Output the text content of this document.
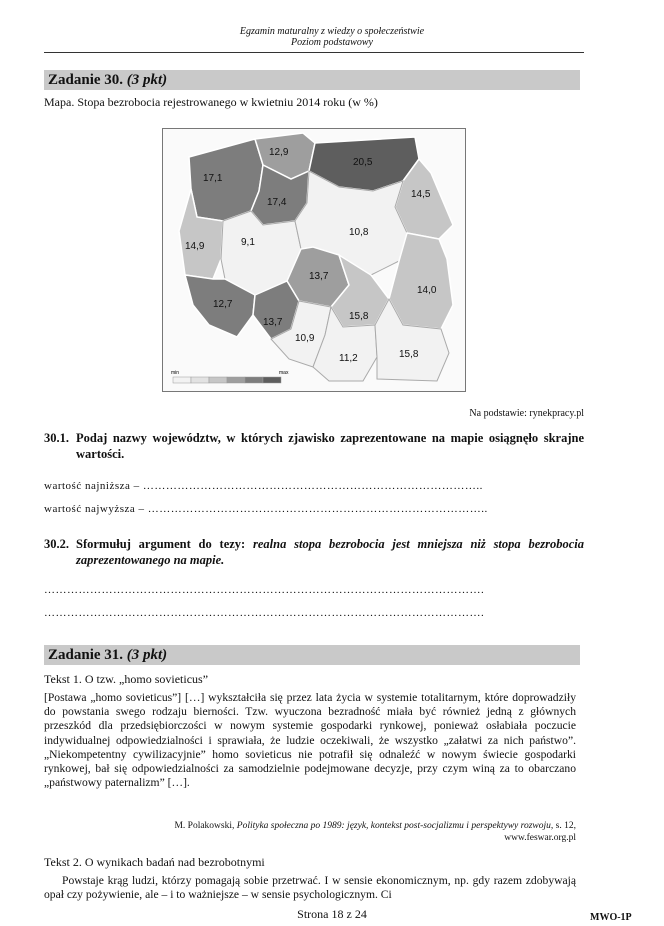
Egzamin maturalny z wiedzy o społeczeństwie
Poziom podstawowy
Zadanie 30. (3 pkt)
Mapa. Stopa bezrobocia rejestrowanego w kwietniu 2014 roku (w %)
17,1
12,9
20,5
14,5
17,4
14,9	9,1
10,8
13,7
14,0
12,7
13,7
15,8
10,9
11,2	15,8
min	max
Na podstawie: rynekpracy.pl
30.1. Podaj nazwy województw, w których zjawisko zaprezentowane na mapie osiągnęło skrajne wartości.
wartość najniższa – ……………………………………………………………………………..
wartość najwyższa – ……………………………………………………………………………..
30.2. Sformułuj argument do tezy: realna stopa bezrobocia jest mniejsza niż stopa bezrobocia zaprezentowanego na mapie.
…………………………………………………………………………………………………….
…………………………………………………………………………………………………….
Zadanie 31. (3 pkt)
Tekst 1. O tzw. „homo sovieticus”
[Postawa „homo sovieticus”] […] wykształciła się przez lata życia w systemie totalitarnym, które doprowadziły do powstania swego rodzaju bierności. Tzw. wyuczona bezradność miała być również jedną z głównych przeszkód dla przedsiębiorczości w nowym systemie gospodarki rynkowej, ponieważ osłabiała poczucie indywidualnej odpowiedzialności i sprawiała, że ludzie oczekiwali, że wszystko „załatwi za nich państwo”. „Niekompetentny cywilizacyjnie” homo sovieticus nie potrafił się odnaleźć w nowym świecie gospodarki rynkowej, bał się odpowiedzialności za samodzielnie podejmowane decyzje, przy czym winą za to obarczano „państwowy paternalizm” […].
M. Polakowski, Polityka społeczna po 1989: język, kontekst post-socjalizmu i perspektywy rozwoju, s. 12, www.feswar.org.pl
Tekst 2. O wynikach badań nad bezrobotnymi
Powstaje krąg ludzi, którzy pomagają sobie przetrwać. I w sensie ekonomicznym, np. gdy razem zdobywają opał czy pożywienie, ale – i to ważniejsze – w sensie psychologicznym. Ci
Strona 18 z 24	MWO-1P
